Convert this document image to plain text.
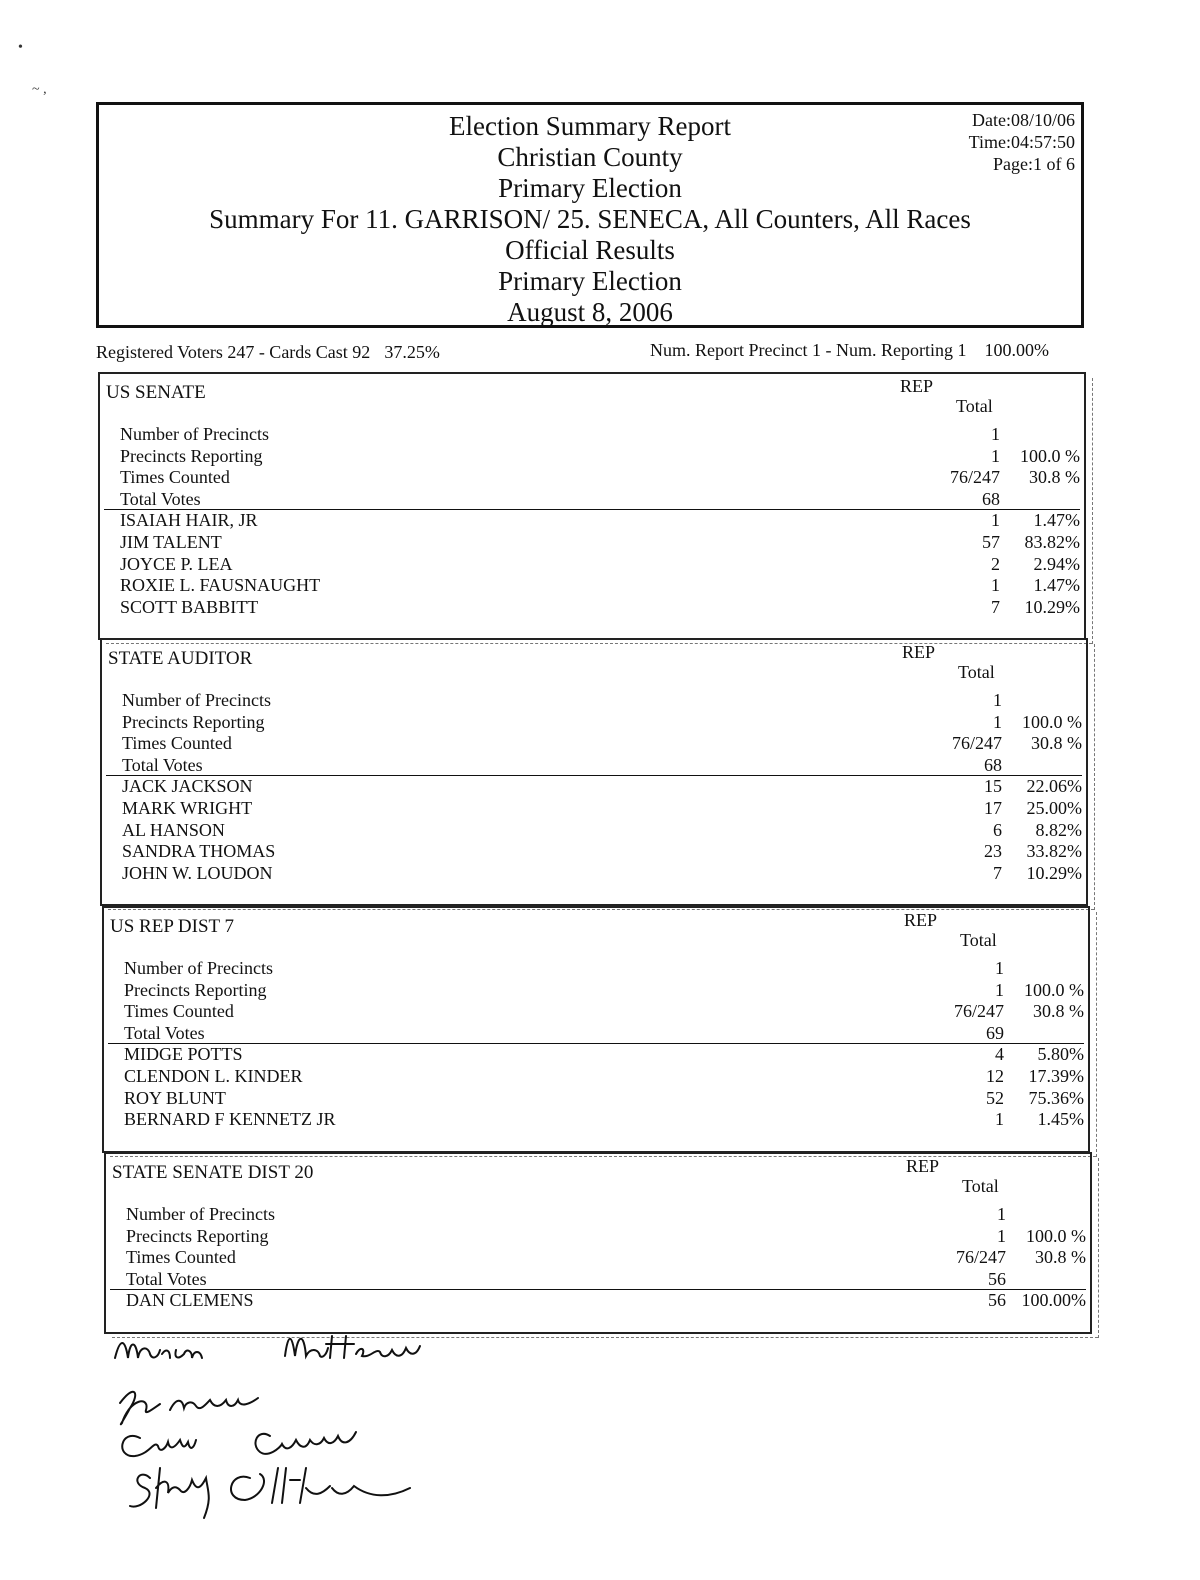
•
~ ,
Election Summary Report
Christian County
Primary Election
Summary For 11. GARRISON/ 25. SENECA, All Counters, All Races
Official Results
Primary Election
August 8, 2006
Date:08/10/06
Time:04:57:50
Page:1 of 6
Registered Voters 247 - Cards Cast 92 37.25%	Num. Report Precinct 1 - Num. Reporting 1 100.00%
US SENATE	REP
Total
Number of Precincts	1
Precincts Reporting	1 100.0 %
Times Counted	76/247 30.8 %
Total Votes	68
ISAIAH HAIR, JR	1 1.47%
JIM TALENT	57 83.82%
JOYCE P. LEA	2 2.94%
ROXIE L. FAUSNAUGHT	1 1.47%
SCOTT BABBITT	7 10.29%
STATE AUDITOR	REP
Total
Number of Precincts	1
Precincts Reporting	1 100.0 %
Times Counted	76/247 30.8 %
Total Votes	68
JACK JACKSON	15 22.06%
MARK WRIGHT	17 25.00%
AL HANSON	6 8.82%
SANDRA THOMAS	23 33.82%
JOHN W. LOUDON	7 10.29%
US REP DIST 7	REP
Total
Number of Precincts	1
Precincts Reporting	1 100.0 %
Times Counted	76/247 30.8 %
Total Votes	69
MIDGE POTTS	4 5.80%
CLENDON L. KINDER	12 17.39%
ROY BLUNT	52 75.36%
BERNARD F KENNETZ JR	1 1.45%
STATE SENATE DIST 20	REP
Total
Number of Precincts	1
Precincts Reporting	1 100.0 %
Times Counted	76/247 30.8 %
Total Votes	56
DAN CLEMENS	56 100.00%
